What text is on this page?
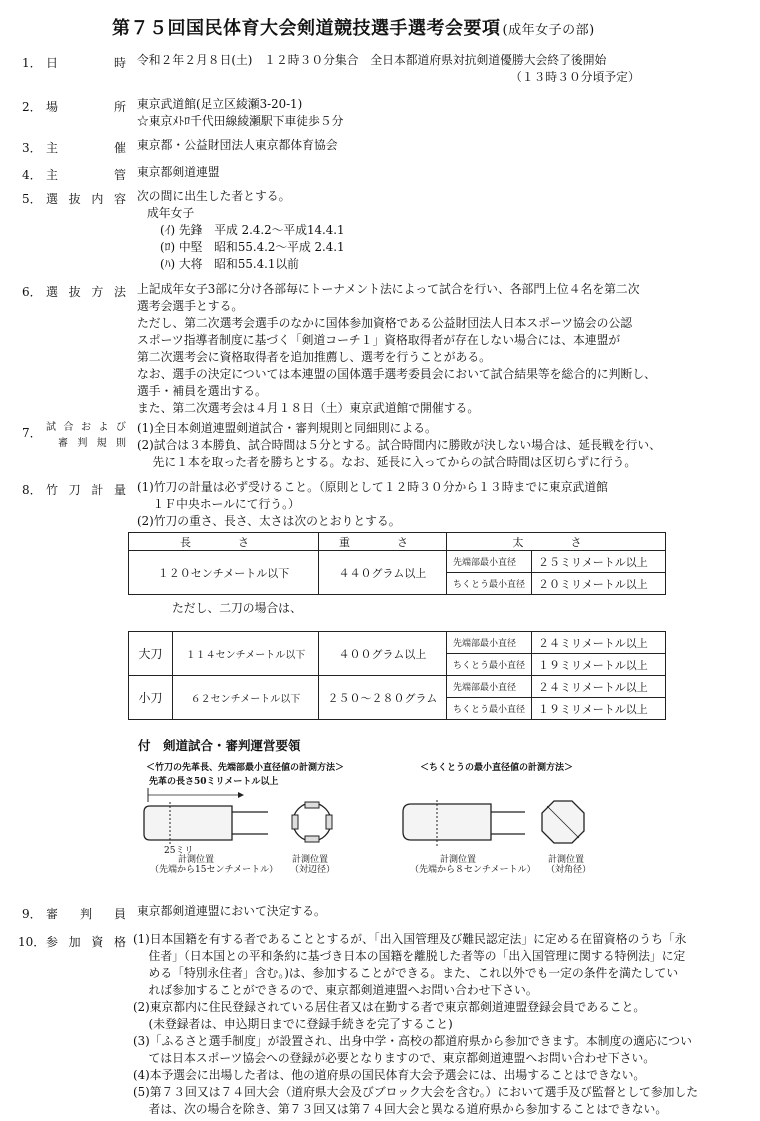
第７５回国民体育大会剣道競技選手選考会要項 (成年女子の部)
1． 日	時 令和２年２月８日(土)　１２時３０分集合　全日本都道府県対抗剣道優勝大会終了後開始
（１３時３０分頃予定）
2． 場	所 東京武道館(足立区綾瀬3-20-1)
☆東京ﾒﾄﾛ千代田線綾瀬駅下車徒歩５分
3． 主	催 東京都・公益財団法人東京都体育協会
4． 主	管 東京都剣道連盟
5． 選 抜 内 容 次の間に出生した者とする。
成年女子
(ｲ) 先鋒　平成 2.4.2～平成14.4.1
(ﾛ) 中堅　昭和55.4.2～平成 2.4.1
(ﾊ) 大将　昭和55.4.1以前
6． 選 抜 方 法 上記成年女子3部に分け各部毎にトーナメント法によって試合を行い、各部門上位４名を第二次
選考会選手とする。
ただし、第二次選考会選手のなかに国体参加資格である公益財団法人日本スポーツ協会の公認
スポーツ指導者制度に基づく「剣道コーチ１」資格取得者が存在しない場合には、本連盟が
第二次選考会に資格取得者を追加推薦し、選考を行うことがある。
なお、選手の決定については本連盟の国体選手選考委員会において試合結果等を総合的に判断し、
選手・補員を選出する。
また、第二次選考会は４月１８日（土）東京武道館で開催する。
7． 試 合 お よ び
審 判 規 則
(1)全日本剣道連盟剣道試合・審判規則と同細則による。
(2)試合は３本勝負、試合時間は５分とする。試合時間内に勝敗が決しない場合は、延長戦を行い、
　 先に１本を取った者を勝ちとする。なお、延長に入ってからの試合時間は区切らずに行う。
8． 竹 刀 計 量 (1)竹刀の計量は必ず受けること。（原則として１２時３０分から１３時までに東京武道館
　 １Ｆ中央ホールにて行う。）
(2)竹刀の重さ、長さ、太さは次のとおりとする。
長　さ	重　さ	太　さ	
１２０センチメートル以下	４４０グラム以上	先端部最小直径	２５ミリメートル以上
		ちくとう最小直径	２０ミリメートル以上
ただし、二刀の場合は、
大刀	１１４センチメートル以下	４００グラム以上	先端部最小直径	２４ミリメートル以上
			ちくとう最小直径	１９ミリメートル以上
小刀	６２センチメートル以下	２５０～２８０グラム	先端部最小直径	２４ミリメートル以上
			ちくとう最小直径	１９ミリメートル以上
付　剣道試合・審判運営要領
＜竹刀の先革長、先端部最小直径値の計測方法＞
先革の長さ50ミリメートル以上
25ミリ
計測位置
（先端から15センチメートル）
計測位置
（対辺径）
＜ちくとうの最小直径値の計測方法＞
計測位置
（先端から８センチメートル）
計測位置
（対角径）
9． 審 判 員 東京都剣道連盟において決定する。
10． 参 加 資 格 (1)日本国籍を有する者であることとするが、「出入国管理及び難民認定法」に定める在留資格のうち「永
　 住者」（日本国との平和条約に基づき日本の国籍を離脱した者等の「出入国管理に関する特例法」に定
　 める「特別永住者」含む。)は、参加することができる。また、これ以外でも一定の条件を満たしてい
　 れば参加することができるので、東京都剣道連盟へお問い合わせ下さい。
(2)東京都内に住民登録されている居住者又は在勤する者で東京都剣道連盟登録会員であること。
　 (未登録者は、申込期日までに登録手続きを完了すること)
(3)「ふるさと選手制度」が設置され、出身中学・高校の都道府県から参加できます。本制度の適応につい
　 ては日本スポーツ協会への登録が必要となりますので、東京都剣道連盟へお問い合わせ下さい。
(4)本予選会に出場した者は、他の道府県の国民体育大会予選会には、出場することはできない。
(5)第７３回又は７４回大会（道府県大会及びブロック大会を含む。）において選手及び監督として参加した
　 者は、次の場合を除き、第７３回又は第７４回大会と異なる道府県から参加することはできない。
